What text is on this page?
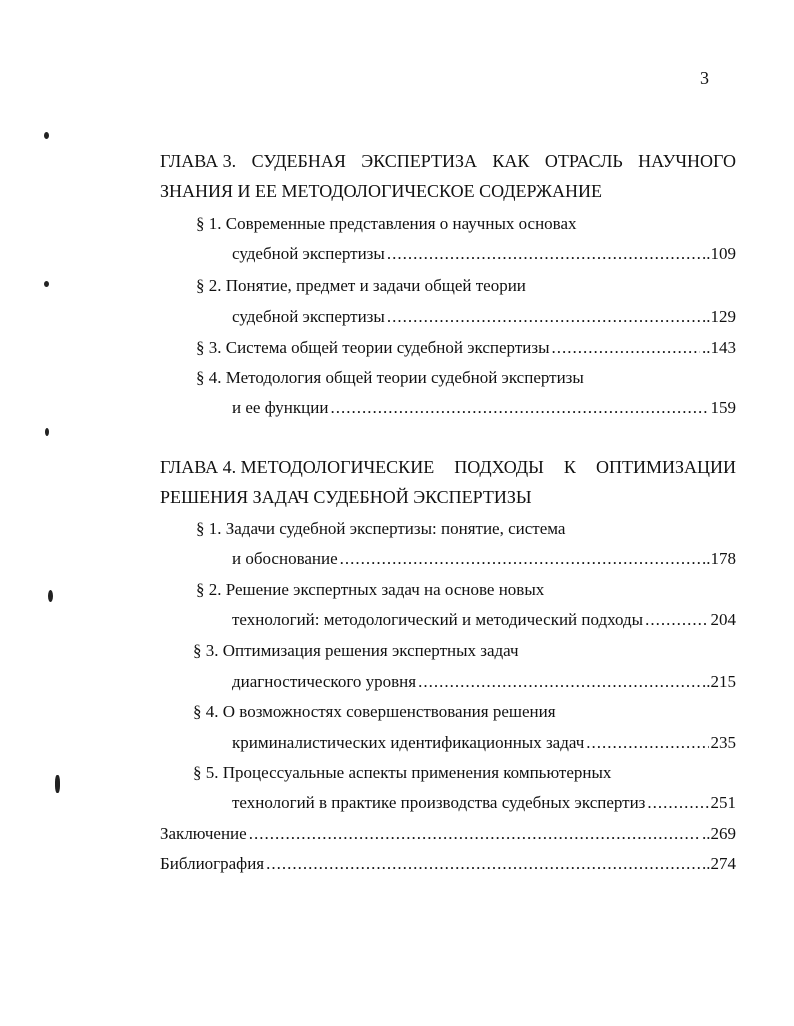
3
ГЛАВА 3. СУДЕБНАЯ ЭКСПЕРТИЗА КАК ОТРАСЛЬ НАУЧНОГО
ЗНАНИЯ И ЕЕ МЕТОДОЛОГИЧЕСКОЕ СОДЕРЖАНИЕ
§ 1. Современные представления о научных основах
судебной экспертизы .....	..109
§ 2. Понятие, предмет и задачи общей теории
судебной экспертизы .....	..129
§ 3. Система общей теории судебной экспертизы .....	..143
§ 4. Методология общей теории судебной экспертизы
и ее функции .....	159
ГЛАВА 4. МЕТОДОЛОГИЧЕСКИЕ ПОДХОДЫ К ОПТИМИЗАЦИИ
РЕШЕНИЯ ЗАДАЧ СУДЕБНОЙ ЭКСПЕРТИЗЫ
§ 1. Задачи судебной экспертизы: понятие, система
и обоснование .....	..178
§ 2. Решение экспертных задач на основе новых
технологий: методологический и методический подходы .....	204
§ 3. Оптимизация решения экспертных задач
диагностического уровня .....	..215
§ 4. О возможностях совершенствования решения
криминалистических идентификационных задач .....	235
§ 5. Процессуальные аспекты применения компьютерных
технологий в практике производства судебных экспертиз .....	251
Заключение .....	..269
Библиография .....	..274
